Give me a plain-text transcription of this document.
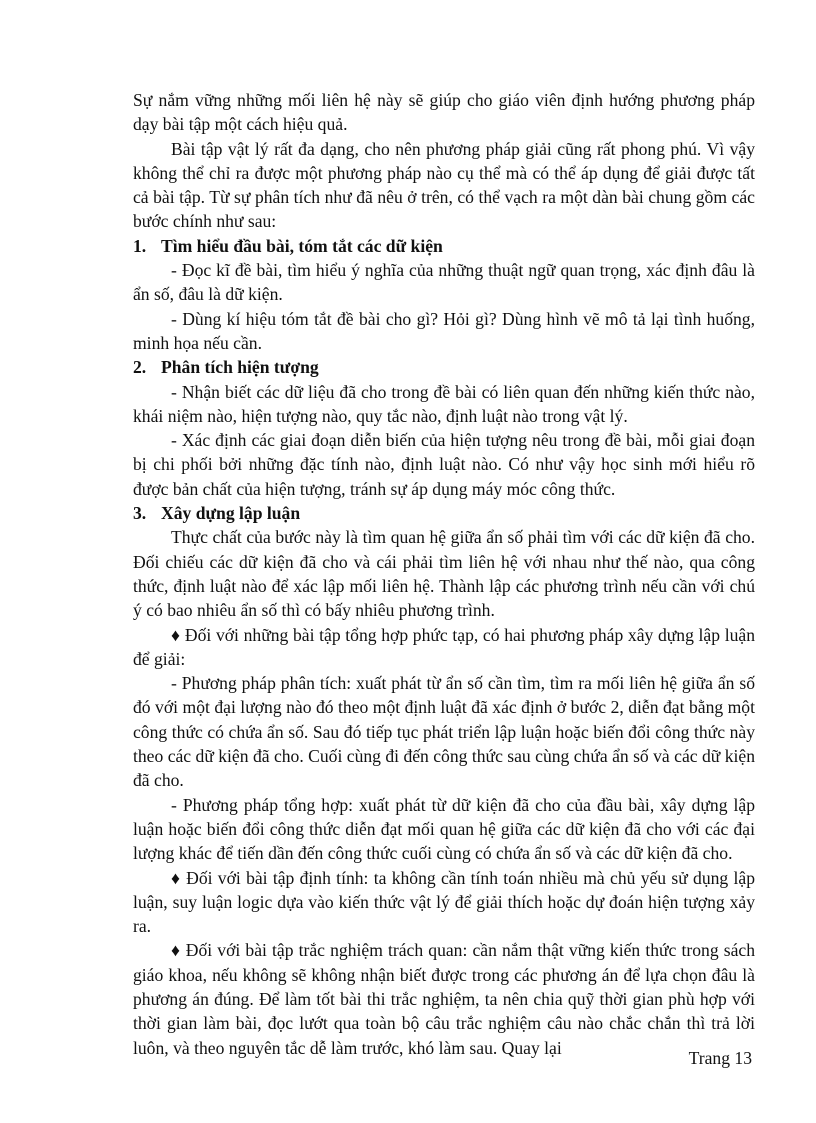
Sự nắm vững những mối liên hệ này sẽ giúp cho giáo viên định hướng phương pháp dạy bài tập một cách hiệu quả.

Bài tập vật lý rất đa dạng, cho nên phương pháp giải cũng rất phong phú. Vì vậy không thể chỉ ra được một phương pháp nào cụ thể mà có thể áp dụng để giải được tất cả bài tập. Từ sự phân tích như đã nêu ở trên, có thể vạch ra một dàn bài chung gồm các bước chính như sau:

1. Tìm hiểu đầu bài, tóm tắt các dữ kiện

- Đọc kĩ đề bài, tìm hiểu ý nghĩa của những thuật ngữ quan trọng, xác định đâu là ẩn số, đâu là dữ kiện.

- Dùng kí hiệu tóm tắt đề bài cho gì? Hỏi gì? Dùng hình vẽ mô tả lại tình huống, minh họa nếu cần.

2. Phân tích hiện tượng

- Nhận biết các dữ liệu đã cho trong đề bài có liên quan đến những kiến thức nào, khái niệm nào, hiện tượng nào, quy tắc nào, định luật nào trong vật lý.

- Xác định các giai đoạn diễn biến của hiện tượng nêu trong đề bài, mỗi giai đoạn bị chi phối bởi những đặc tính nào, định luật nào. Có như vậy học sinh mới hiểu rõ được bản chất của hiện tượng, tránh sự áp dụng máy móc công thức.

3. Xây dựng lập luận

Thực chất của bước này là tìm quan hệ giữa ẩn số phải tìm với các dữ kiện đã cho. Đối chiếu các dữ kiện đã cho và cái phải tìm liên hệ với nhau như thế nào, qua công thức, định luật nào để xác lập mối liên hệ. Thành lập các phương trình nếu cần với chú ý có bao nhiêu ẩn số thì có bấy nhiêu phương trình.

♦ Đối với những bài tập tổng hợp phức tạp, có hai phương pháp xây dựng lập luận để giải:

- Phương pháp phân tích: xuất phát từ ẩn số cần tìm, tìm ra mối liên hệ giữa ẩn số đó với một đại lượng nào đó theo một định luật đã xác định ở bước 2, diễn đạt bằng một công thức có chứa ẩn số. Sau đó tiếp tục phát triển lập luận hoặc biến đổi công thức này theo các dữ kiện đã cho. Cuối cùng đi đến công thức sau cùng chứa ẩn số và các dữ kiện đã cho.

- Phương pháp tổng hợp: xuất phát từ dữ kiện đã cho của đầu bài, xây dựng lập luận hoặc biến đổi công thức diễn đạt mối quan hệ giữa các dữ kiện đã cho với các đại lượng khác để tiến dần đến công thức cuối cùng có chứa ẩn số và các dữ kiện đã cho.

♦ Đối với bài tập định tính: ta không cần tính toán nhiều mà chủ yếu sử dụng lập luận, suy luận logic dựa vào kiến thức vật lý để giải thích hoặc dự đoán hiện tượng xảy ra.

♦ Đối với bài tập trắc nghiệm trách quan: cần nắm thật vững kiến thức trong sách giáo khoa, nếu không sẽ không nhận biết được trong các phương án để lựa chọn đâu là phương án đúng. Để làm tốt bài thi trắc nghiệm, ta nên chia quỹ thời gian phù hợp với thời gian làm bài, đọc lướt qua toàn bộ câu trắc nghiệm câu nào chắc chắn thì trả lời luôn, và theo nguyên tắc dễ làm trước, khó làm sau. Quay lại

Trang 13
